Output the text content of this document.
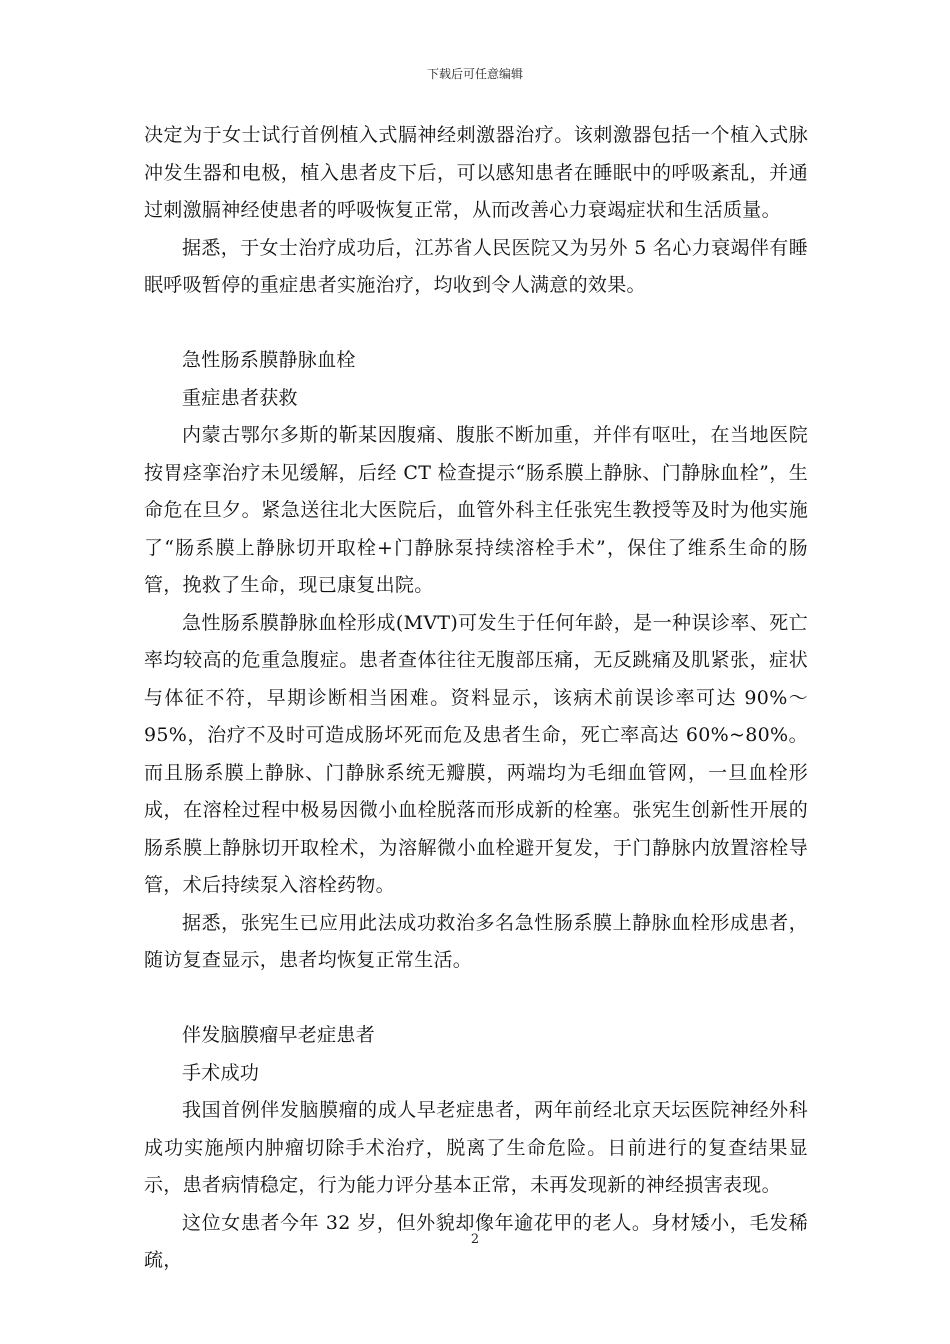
下载后可任意编辑

决定为于女士试行首例植入式膈神经刺激器治疗。该刺激器包括一个植入式脉冲发生器和电极，植入患者皮下后，可以感知患者在睡眠中的呼吸紊乱，并通过刺激膈神经使患者的呼吸恢复正常，从而改善心力衰竭症状和生活质量。

据悉，于女士治疗成功后，江苏省人民医院又为另外 5 名心力衰竭伴有睡眠呼吸暂停的重症患者实施治疗，均收到令人满意的效果。

急性肠系膜静脉血栓

重症患者获救

内蒙古鄂尔多斯的靳某因腹痛、腹胀不断加重，并伴有呕吐，在当地医院按胃痉挛治疗未见缓解，后经 CT 检查提示“肠系膜上静脉、门静脉血栓”，生命危在旦夕。紧急送往北大医院后，血管外科主任张宪生教授等及时为他实施了“肠系膜上静脉切开取栓+门静脉泵持续溶栓手术”，保住了维系生命的肠管，挽救了生命，现已康复出院。

急性肠系膜静脉血栓形成(MVT)可发生于任何年龄，是一种误诊率、死亡率均较高的危重急腹症。患者查体往往无腹部压痛，无反跳痛及肌紧张，症状与体征不符，早期诊断相当困难。资料显示，该病术前误诊率可达 90%～95%，治疗不及时可造成肠坏死而危及患者生命，死亡率高达 60%~80%。而且肠系膜上静脉、门静脉系统无瓣膜，两端均为毛细血管网，一旦血栓形成，在溶栓过程中极易因微小血栓脱落而形成新的栓塞。张宪生创新性开展的肠系膜上静脉切开取栓术，为溶解微小血栓避开复发，于门静脉内放置溶栓导管，术后持续泵入溶栓药物。

据悉，张宪生已应用此法成功救治多名急性肠系膜上静脉血栓形成患者，随访复查显示，患者均恢复正常生活。

伴发脑膜瘤早老症患者

手术成功

我国首例伴发脑膜瘤的成人早老症患者，两年前经北京天坛医院神经外科成功实施颅内肿瘤切除手术治疗，脱离了生命危险。日前进行的复查结果显示，患者病情稳定，行为能力评分基本正常，未再发现新的神经损害表现。

这位女患者今年 32 岁，但外貌却像年逾花甲的老人。身材矮小，毛发稀疏，

2
